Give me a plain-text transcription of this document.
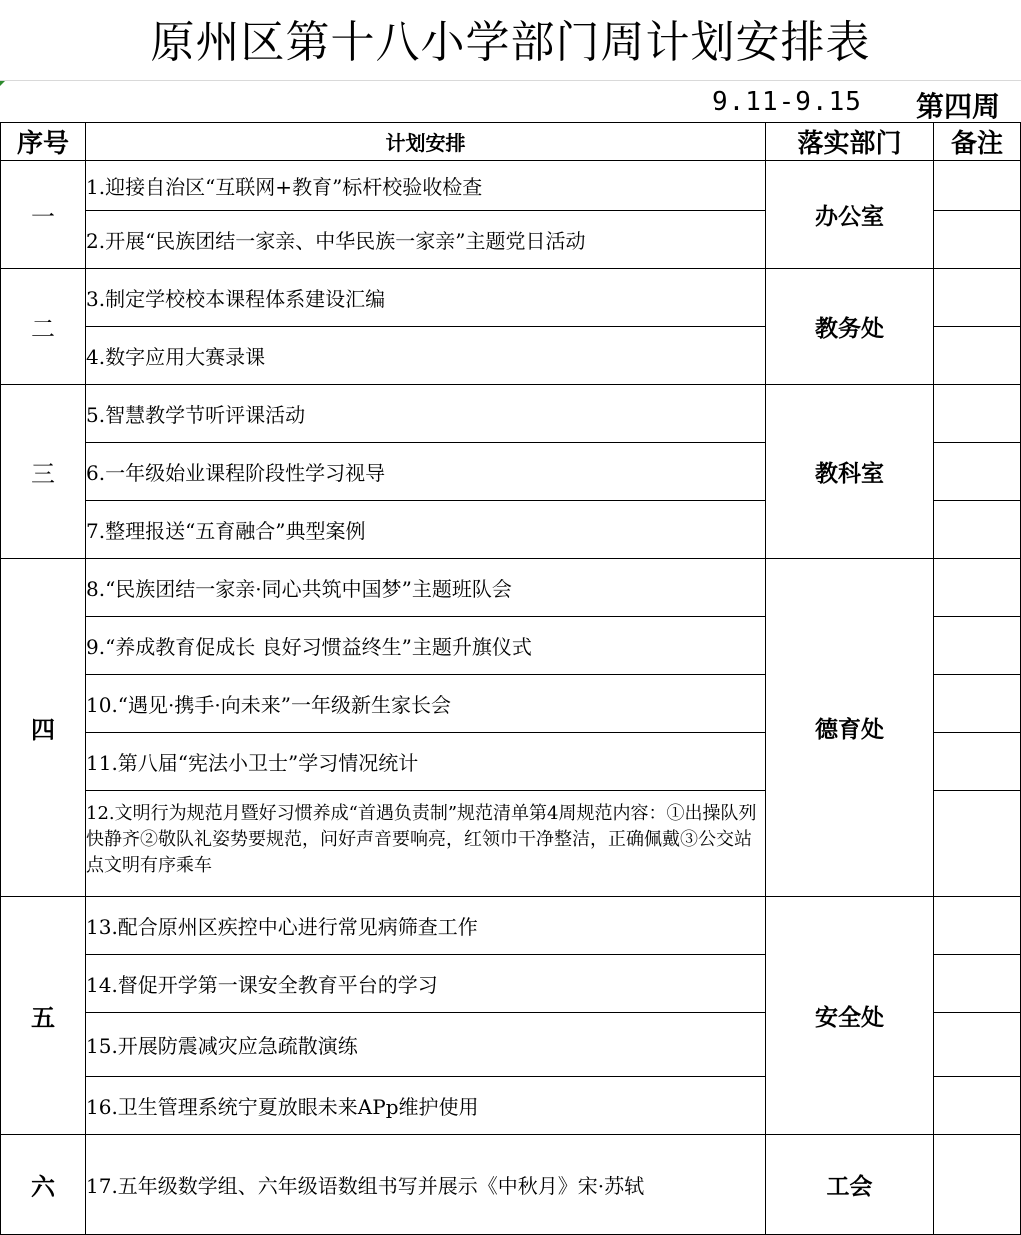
原州区第十八小学部门周计划安排表
9.11-9.15 第四周
序号	计划安排	落实部门	备注
一	1.迎接自治区“互联网+教育”标杆校验收检查	办公室	
	2.开展“民族团结一家亲、中华民族一家亲”主题党日活动		
二	3.制定学校校本课程体系建设汇编	教务处	
	4.数字应用大赛录课		
三	5.智慧教学节听评课活动	教科室	
	6.一年级始业课程阶段性学习视导		
	7.整理报送“五育融合”典型案例		
四	8.“民族团结一家亲·同心共筑中国梦”主题班队会	德育处	
	9.“养成教育促成长 良好习惯益终生”主题升旗仪式		
	10.“遇见·携手·向未来”一年级新生家长会		
	11.第八届“宪法小卫士”学习情况统计		
	12.文明行为规范月暨好习惯养成“首遇负责制”规范清单第4周规范内容：①出操队列快静齐②敬队礼姿势要规范，问好声音要响亮，红领巾干净整洁，正确佩戴③公交站点文明有序乘车		
五	13.配合原州区疾控中心进行常见病筛查工作	安全处	
	14.督促开学第一课安全教育平台的学习		
	15.开展防震减灾应急疏散演练		
	16.卫生管理系统宁夏放眼未来APp维护使用		
六	17.五年级数学组、六年级语数组书写并展示《中秋月》宋·苏轼	工会	
